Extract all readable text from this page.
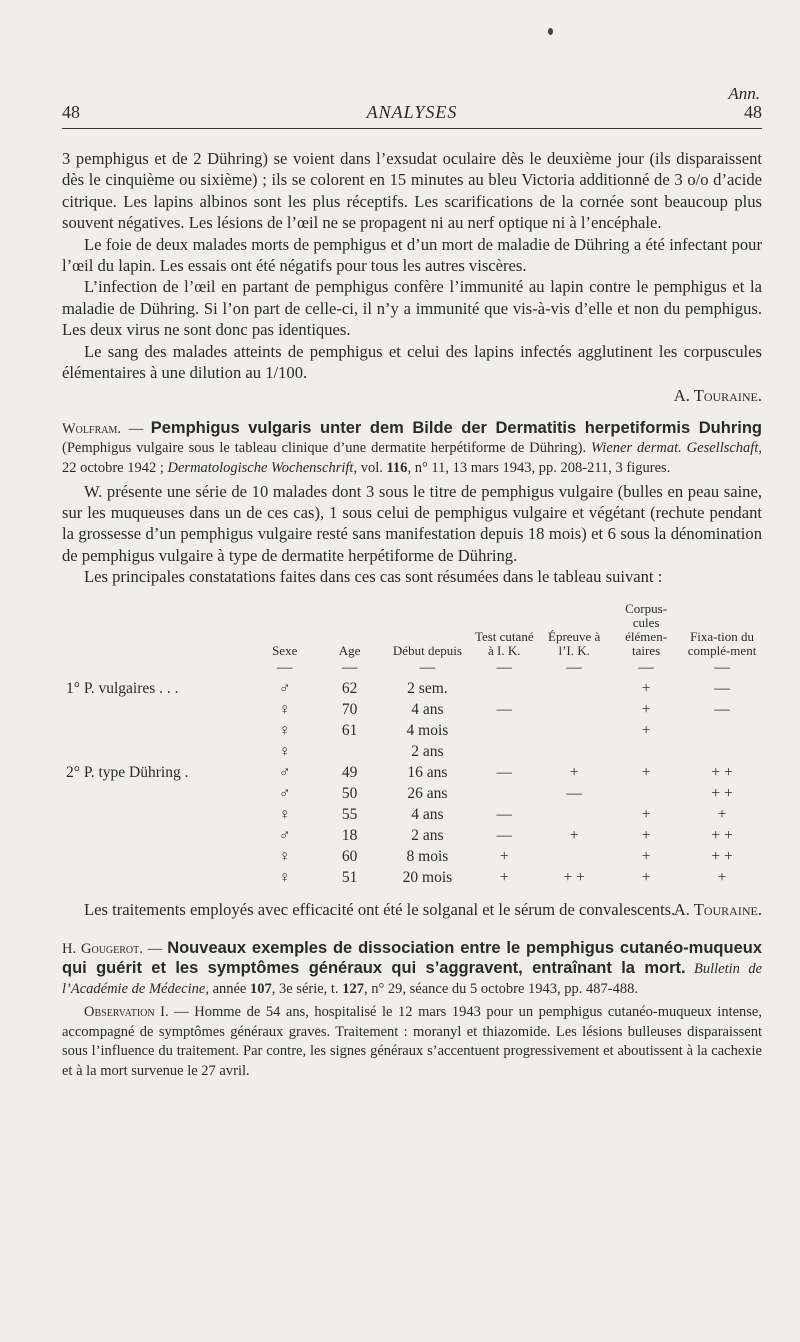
Ann.
48	ANALYSES	48

3 pemphigus et de 2 Dühring) se voient dans l’exsudat oculaire dès le deuxième jour (ils disparaissent dès le cinquième ou sixième) ; ils se colorent en 15 minutes au bleu Victoria additionné de 3 o/o d’acide citrique. Les lapins albinos sont les plus réceptifs. Les scarifications de la cornée sont beaucoup plus souvent négatives. Les lésions de l’œil ne se propagent ni au nerf optique ni à l’encéphale.

Le foie de deux malades morts de pemphigus et d’un mort de maladie de Dühring a été infectant pour l’œil du lapin. Les essais ont été négatifs pour tous les autres viscères.

L’infection de l’œil en partant de pemphigus confère l’immunité au lapin contre le pemphigus et la maladie de Dühring. Si l’on part de celle-ci, il n’y a immunité que vis-à-vis d’elle et non du pemphigus. Les deux virus ne sont donc pas identiques.

Le sang des malades atteints de pemphigus et celui des lapins infectés agglutinent les corpuscules élémentaires à une dilution au 1/100.

A. Touraine.

Wolfram. — Pemphigus vulgaris unter dem Bilde der Dermatitis herpetiformis Duhring (Pemphigus vulgaire sous le tableau clinique d’une dermatite herpétiforme de Dühring). Wiener dermat. Gesellschaft, 22 octobre 1942 ; Dermatologische Wochenschrift, vol. 116, n° 11, 13 mars 1943, pp. 208-211, 3 figures.

W. présente une série de 10 malades dont 3 sous le titre de pemphigus vulgaire (bulles en peau saine, sur les muqueuses dans un de ces cas), 1 sous celui de pemphigus vulgaire et végétant (rechute pendant la grossesse d’un pemphigus vulgaire resté sans manifestation depuis 18 mois) et 6 sous la dénomination de pemphigus vulgaire à type de dermatite herpétiforme de Dühring.

Les principales constatations faites dans ces cas sont résumées dans le tableau suivant :

	Sexe	Age	Début depuis	Test cutané à I. K.	Épreuve à l’I. K.	Corpus-cules élémen-taires	Fixa-tion du complé-ment
	—	—	—	—	—	—	—
1° P. vulgaires . . .	♂	62	2 sem.			+	—
	♀	70	4 ans	—		+	—
	♀	61	4 mois			+	
	♀		2 ans				
2° P. type Dühring .	♂	49	16 ans	—	+	+	+ +
	♂	50	26 ans		—		+ +
	♀	55	4 ans	—		+	+
	♂	18	2 ans	—	+	+	+ +
	♀	60	8 mois	+		+	+ +
	♀	51	20 mois	+	+ +	+	+

Les traitements employés avec efficacité ont été le solganal et le sérum de convalescents.

A. Touraine.

H. Gougerot. — Nouveaux exemples de dissociation entre le pemphigus cutanéo-muqueux qui guérit et les symptômes généraux qui s’aggravent, entraînant la mort. Bulletin de l’Académie de Médecine, année 107, 3e série, t. 127, n° 29, séance du 5 octobre 1943, pp. 487-488.

Observation I. — Homme de 54 ans, hospitalisé le 12 mars 1943 pour un pemphigus cutanéo-muqueux intense, accompagné de symptômes généraux graves. Traitement : moranyl et thiazomide. Les lésions bulleuses disparaissent sous l’influence du traitement. Par contre, les signes généraux s’accentuent progressivement et aboutissent à la cachexie et à la mort survenue le 27 avril.
